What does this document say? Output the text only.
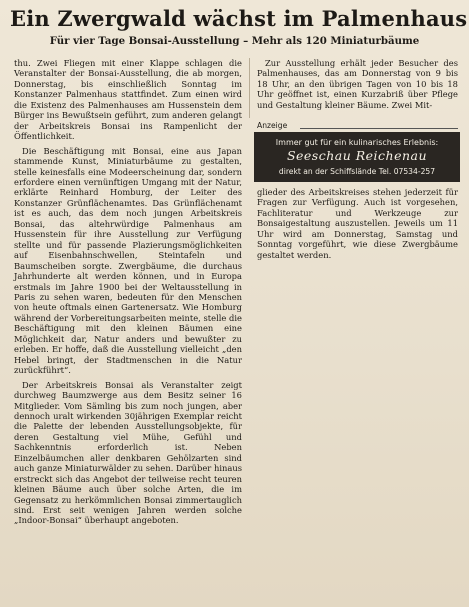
Ein Zwergwald wächst im Palmenhaus
Für vier Tage Bonsai-Ausstellung – Mehr als 120 Miniaturbäume

thu. Zwei Fliegen mit einer Klappe schlagen die Veranstalter der Bonsai-Ausstellung, die ab morgen, Donnerstag, bis einschließlich Sonntag im Konstanzer Palmenhaus stattfindet. Zum einen wird die Existenz des Palmenhauses am Hussenstein dem Bürger ins Bewußtsein geführt, zum anderen gelangt der Arbeitskreis Bonsai ins Rampenlicht der Öffentlichkeit.

Die Beschäftigung mit Bonsai, eine aus Japan stammende Kunst, Miniaturbäume zu gestalten, stelle keinesfalls eine Modeerscheinung dar, sondern erfordere einen vernünftigen Umgang mit der Natur, erklärte Reinhard Homburg, der Leiter des Konstanzer Grünflächenamtes. Das Grünflächenamt ist es auch, das dem noch jungen Arbeitskreis Bonsai, das altehrwürdige Palmenhaus am Hussenstein für ihre Ausstellung zur Verfügung stellte und für passende Plazierungsmöglichkeiten auf Eisenbahnschwellen, Steintafeln und Baumscheiben sorgte. Zwergbäume, die durchaus Jahrhunderte alt werden können, und in Europa erstmals im Jahre 1900 bei der Weltausstellung in Paris zu sehen waren, bedeuten für den Menschen von heute oftmals einen Gartenersatz. Wie Homburg während der Vorbereitungsarbeiten meinte, stelle die Beschäftigung mit den kleinen Bäumen eine Möglichkeit dar, Natur anders und bewußter zu erleben. Er hoffe, daß die Ausstellung vielleicht „den Hebel bringt, der Stadtmenschen in die Natur zurückführt“.

Der Arbeitskreis Bonsai als Veranstalter zeigt durchweg Baumzwerge aus dem Besitz seiner 16 Mitglieder. Vom Sämling bis zum noch jungen, aber dennoch uralt wirkenden 30jährigen Exemplar reicht die Palette der lebenden Ausstellungsobjekte, für deren Gestaltung viel Mühe, Gefühl und Sachkenntnis erforderlich ist. Neben Einzelbäumchen aller denkbaren Gehölzarten sind auch ganze Miniaturwälder zu sehen. Darüber hinaus erstreckt sich das Angebot der teilweise recht teuren kleinen Bäume auch über solche Arten, die im Gegensatz zu herkömmlichen Bonsai zimmertauglich sind. Erst seit wenigen Jahren werden solche „Indoor-Bonsai“ überhaupt angeboten.

Zur Ausstellung erhält jeder Besucher des Palmenhauses, das am Donnerstag von 9 bis 18 Uhr, an den übrigen Tagen von 10 bis 18 Uhr geöffnet ist, einen Kurzabriß über Pflege und Gestaltung kleiner Bäume. Zwei Mit-

Anzeige
Immer gut für ein kulinarisches Erlebnis:
Seeschau Reichenau
direkt an der Schiffslände Tel. 07534-257

glieder des Arbeitskreises stehen jederzeit für Fragen zur Verfügung. Auch ist vorgesehen, Fachliteratur und Werkzeuge zur Bonsaigestaltung auszustellen. Jeweils um 11 Uhr wird am Donnerstag, Samstag und Sonntag vorgeführt, wie diese Zwergbäume gestaltet werden.
